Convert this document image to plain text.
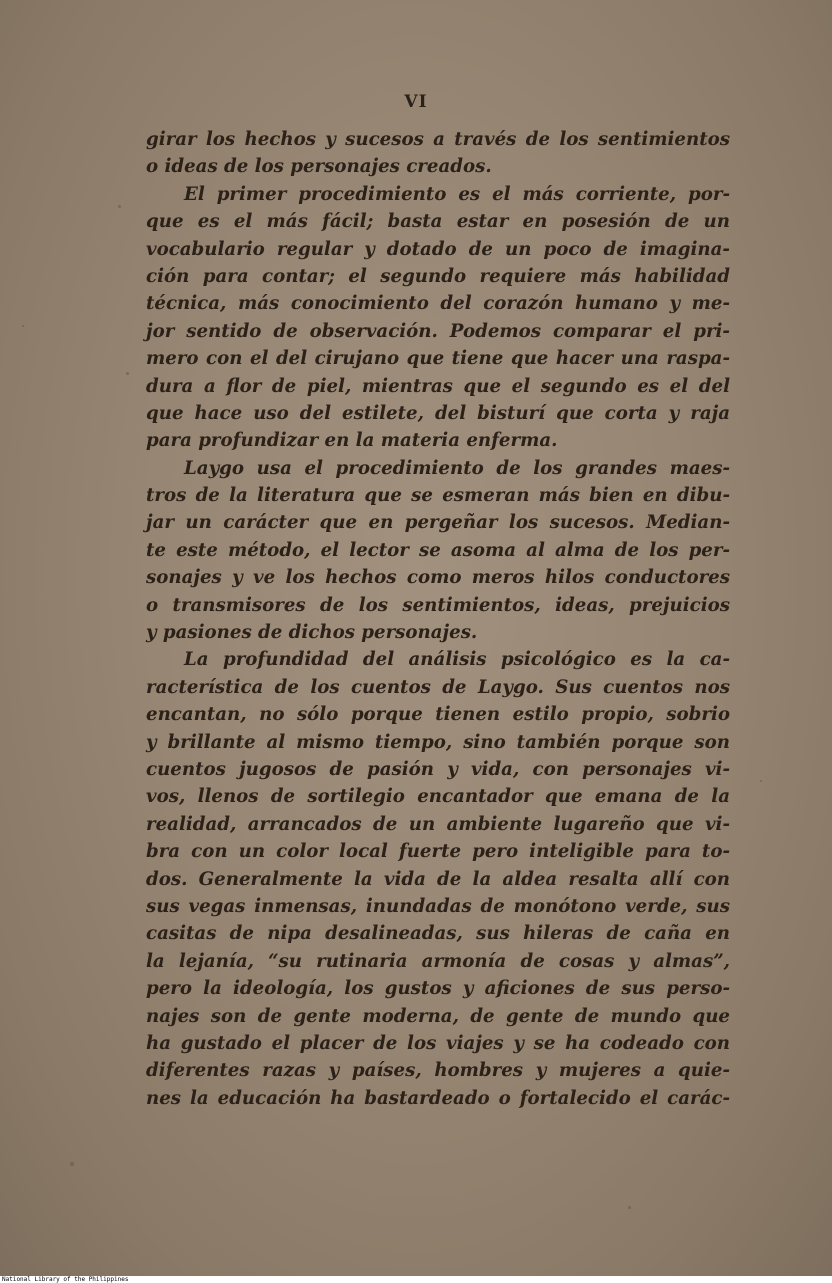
VI
girar los hechos y sucesos a través de los sentimientos
o ideas de los personajes creados.
El primer procedimiento es el más corriente, por-
que es el más fácil; basta estar en posesión de un
vocabulario regular y dotado de un poco de imagina-
ción para contar; el segundo requiere más habilidad
técnica, más conocimiento del corazón humano y me-
jor sentido de observación. Podemos comparar el pri-
mero con el del cirujano que tiene que hacer una raspa-
dura a flor de piel, mientras que el segundo es el del
que hace uso del estilete, del bisturí que corta y raja
para profundizar en la materia enferma.
Laygo usa el procedimiento de los grandes maes-
tros de la literatura que se esmeran más bien en dibu-
jar un carácter que en pergeñar los sucesos. Median-
te este método, el lector se asoma al alma de los per-
sonajes y ve los hechos como meros hilos conductores
o transmisores de los sentimientos, ideas, prejuicios
y pasiones de dichos personajes.
La profundidad del análisis psicológico es la ca-
racterística de los cuentos de Laygo. Sus cuentos nos
encantan, no sólo porque tienen estilo propio, sobrio
y brillante al mismo tiempo, sino también porque son
cuentos jugosos de pasión y vida, con personajes vi-
vos, llenos de sortilegio encantador que emana de la
realidad, arrancados de un ambiente lugareño que vi-
bra con un color local fuerte pero inteligible para to-
dos. Generalmente la vida de la aldea resalta allí con
sus vegas inmensas, inundadas de monótono verde, sus
casitas de nipa desalineadas, sus hileras de caña en
la lejanía, “su rutinaria armonía de cosas y almas”,
pero la ideología, los gustos y aficiones de sus perso-
najes son de gente moderna, de gente de mundo que
ha gustado el placer de los viajes y se ha codeado con
diferentes razas y países, hombres y mujeres a quie-
nes la educación ha bastardeado o fortalecido el carác-
National Library of the Philippines
